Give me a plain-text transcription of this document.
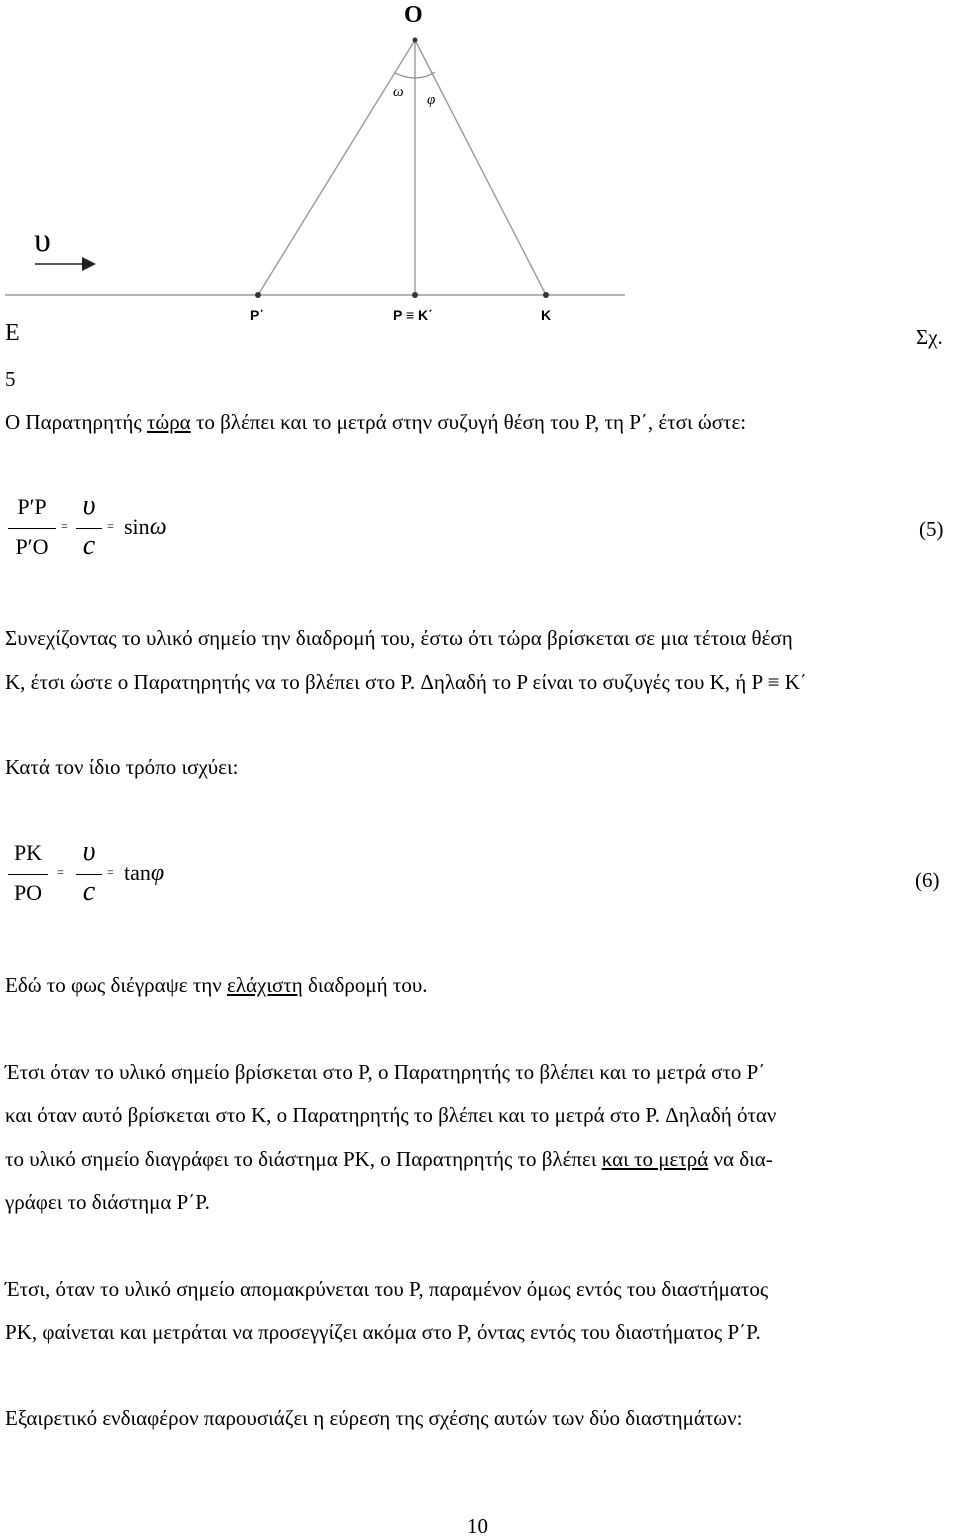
O
υ
ω φ
P΄	P ≡ K΄	K
Ε	Σχ.
5
Ο Παρατηρητής τώρα το βλέπει και το μετρά στην συζυγή θέση του P, τη P΄, έτσι ώστε:
P′P
P′O
=
υ
c
= sinω	(5)
Συνεχίζοντας το υλικό σημείο την διαδρομή του, έστω ότι τώρα βρίσκεται σε μια τέτοια θέση
K, έτσι ώστε ο Παρατηρητής να το βλέπει στο P. Δηλαδή το P είναι το συζυγές του K, ή P ≡ K΄
Κατά τον ίδιο τρόπο ισχύει:
PK
PO
=
υ
c
= tanφ	(6)
Εδώ το φως διέγραψε την ελάχιστη διαδρομή του.
Έτσι όταν το υλικό σημείο βρίσκεται στο P, ο Παρατηρητής το βλέπει και το μετρά στο P΄
και όταν αυτό βρίσκεται στο K, ο Παρατηρητής το βλέπει και το μετρά στο P. Δηλαδή όταν
το υλικό σημείο διαγράφει το διάστημα PK, ο Παρατηρητής το βλέπει και το μετρά να δια-
γράφει το διάστημα P΄P.
Έτσι, όταν το υλικό σημείο απομακρύνεται του P, παραμένον όμως εντός του διαστήματος
PK, φαίνεται και μετράται να προσεγγίζει ακόμα στο P, όντας εντός του διαστήματος P΄P.
Εξαιρετικό ενδιαφέρον παρουσιάζει η εύρεση της σχέσης αυτών των δύο διαστημάτων:
10
